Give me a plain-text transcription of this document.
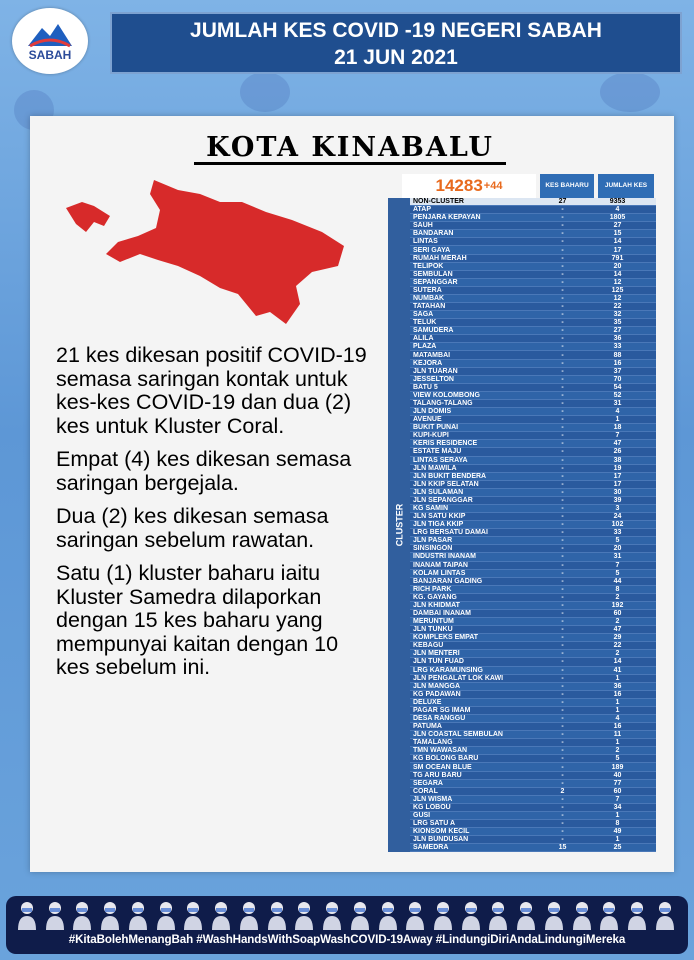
SABAH
JUMLAH KES COVID -19 NEGERI SABAH
21 JUN 2021
KOTA KINABALU

21 kes dikesan positif COVID-19 semasa saringan kontak untuk kes-kes COVID-19 dan dua (2) kes untuk Kluster Coral.

Empat (4) kes dikesan semasa saringan bergejala.

Dua (2) kes dikesan semasa saringan sebelum rawatan.

Satu (1) kluster baharu iaitu Kluster Samedra dilaporkan dengan 15 kes baharu yang mempunyai kaitan dengan 10 kes sebelum ini.

14283 +44	KES BAHARU	JUMLAH KES
CLUSTER
NON-CLUSTER	27	9353
ATAP	-	4
PENJARA KEPAYAN	-	1805
SAUH	-	27
BANDARAN	-	15
LINTAS	-	14
SERI GAYA	-	17
RUMAH MERAH	-	791
TELIPOK	-	20
SEMBULAN	-	14
SEPANGGAR	-	12
SUTERA	-	125
NUMBAK	-	12
TATAHAN	-	22
SAGA	-	32
TELUK	-	35
SAMUDERA	-	27
ALILA	-	36
PLAZA	-	33
MATAMBAI	-	88
KEJORA	-	16
JLN TUARAN	-	37
JESSELTON	-	70
BATU 5	-	54
VIEW KOLOMBONG	-	52
TALANG-TALANG	-	31
JLN DOMIS	-	4
AVENUE	-	1
BUKIT PUNAI	-	18
KUPI-KUPI	-	7
KERIS RESIDENCE	-	47
ESTATE MAJU	-	26
LINTAS SERAYA	-	38
JLN MAWILA	-	19
JLN BUKIT BENDERA	-	17
JLN KKIP SELATAN	-	17
JLN SULAMAN	-	30
JLN SEPANGGAR	-	39
KG SAMIN	-	3
JLN SATU KKIP	-	24
JLN TIGA KKIP	-	102
LRG BERSATU DAMAI	-	33
JLN PASAR	-	5
SINSINGON	-	20
INDUSTRI INANAM	-	31
INANAM TAIPAN	-	7
KOLAM LINTAS	-	5
BANJARAN GADING	-	44
RICH PARK	-	8
KG. GAYANG	-	2
JLN KHIDMAT	-	192
DAMBAI INANAM	-	60
MERUNTUM	-	2
JLN TUNKU	-	47
KOMPLEKS EMPAT	-	29
KEBAGU	-	22
JLN MENTERI	-	2
JLN TUN FUAD	-	14
LRG KARAMUNSING	-	41
JLN PENGALAT LOK KAWI	-	1
JLN MANGGA	-	36
KG PADAWAN	-	16
DELUXE	-	1
PAGAR SG IMAM	-	1
DESA RANGGU	-	4
PATUMA	-	16
JLN COASTAL SEMBULAN	-	11
TAMALANG	-	1
TMN WAWASAN	-	2
KG BOLONG BARU	-	5
SM OCEAN BLUE	-	189
TG ARU BARU	-	40
SEGARA	-	77
CORAL	2	60
JLN WISMA	-	7
KG LOBOU	-	34
GUSI	-	1
LRG SATU A	-	8
KIONSOM KECIL	-	49
JLN BUNDUSAN	-	1
SAMEDRA	15	25
#KitaBolehMenangBah #WashHandsWithSoapWashCOVID-19Away #LindungiDiriAndaLindungiMereka
